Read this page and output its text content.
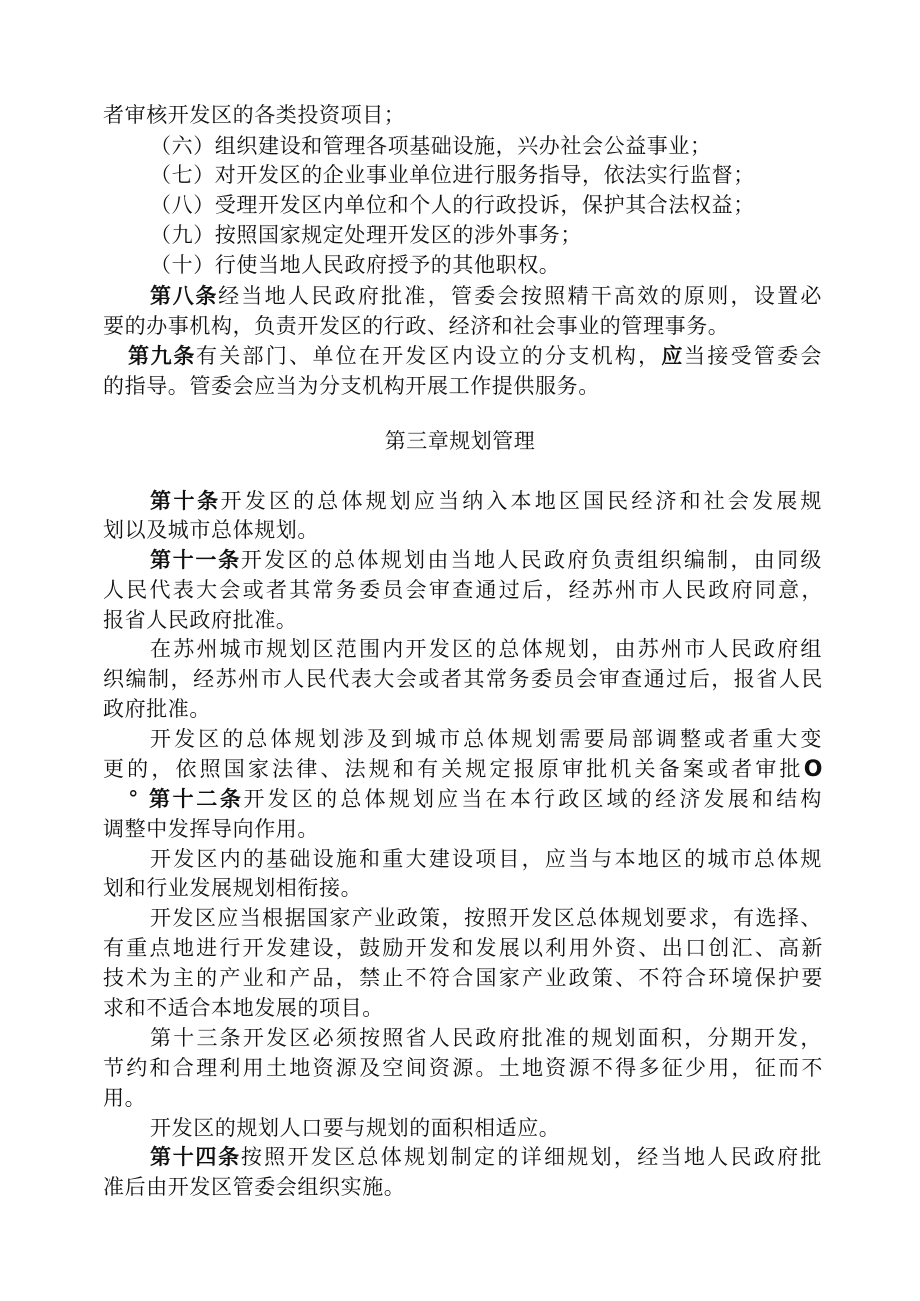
者审核开发区的各类投资项目；
（六）组织建设和管理各项基础设施，兴办社会公益事业；
（七）对开发区的企业事业单位进行服务指导，依法实行监督；
（八）受理开发区内单位和个人的行政投诉，保护其合法权益；
（九）按照国家规定处理开发区的涉外事务；
（十）行使当地人民政府授予的其他职权。
第八条经当地人民政府批准，管委会按照精干高效的原则，设置必
要的办事机构，负责开发区的行政、经济和社会事业的管理事务。
第九条有关部门、单位在开发区内设立的分支机构，应当接受管委会
的指导。管委会应当为分支机构开展工作提供服务。
第三章规划管理
第十条开发区的总体规划应当纳入本地区国民经济和社会发展规
划以及城市总体规划。
第十一条开发区的总体规划由当地人民政府负责组织编制，由同级
人民代表大会或者其常务委员会审查通过后，经苏州市人民政府同意，
报省人民政府批准。
在苏州城市规划区范围内开发区的总体规划，由苏州市人民政府组
织编制，经苏州市人民代表大会或者其常务委员会审查通过后，报省人民
政府批准。
开发区的总体规划涉及到城市总体规划需要局部调整或者重大变
更的，依照国家法律、法规和有关规定报原审批机关备案或者审批O
° 第十二条开发区的总体规划应当在本行政区域的经济发展和结构
调整中发挥导向作用。
开发区内的基础设施和重大建设项目，应当与本地区的城市总体规
划和行业发展规划相衔接。
开发区应当根据国家产业政策，按照开发区总体规划要求，有选择、
有重点地进行开发建设，鼓励开发和发展以利用外资、出口创汇、高新
技术为主的产业和产品，禁止不符合国家产业政策、不符合环境保护要
求和不适合本地发展的项目。
第十三条开发区必须按照省人民政府批准的规划面积，分期开发，
节约和合理利用土地资源及空间资源。土地资源不得多征少用，征而不
用。
开发区的规划人口要与规划的面积相适应。
第十四条按照开发区总体规划制定的详细规划，经当地人民政府批
准后由开发区管委会组织实施。
